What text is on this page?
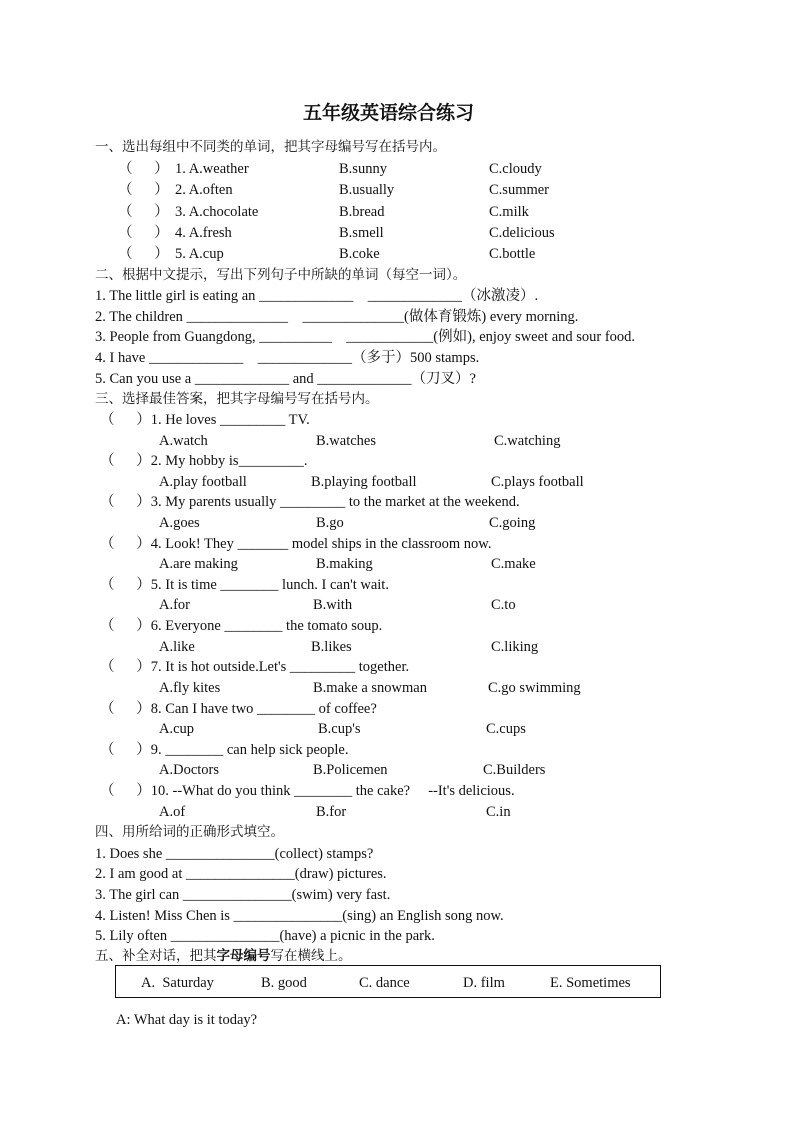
五年级英语综合练习
一、选出每组中不同类的单词，把其字母编号写在括号内。
（      ） 1. A.weather	B.sunny	C.cloudy
（      ） 2. A.often	B.usually	C.summer
（      ） 3. A.chocolate	B.bread	C.milk
（      ） 4. A.fresh	B.smell	C.delicious
（      ） 5. A.cup	B.coke	C.bottle
二、根据中文提示，写出下列句子中所缺的单词（每空一词）。
1. The little girl is eating an _____________    _____________（冰激凌）.
2. The children ______________    ______________(做体育锻炼) every morning.
3. People from Guangdong, __________    ____________(例如), enjoy sweet and sour food.
4. I have _____________    _____________（多于）500 stamps.
5. Can you use a _____________ and _____________（刀叉）?
三、选择最佳答案，把其字母编号写在括号内。
（      ）1. He loves _________ TV.
A.watch	B.watches	C.watching
（      ）2. My hobby is_________.
A.play football	B.playing football	C.plays football
（      ）3. My parents usually _________ to the market at the weekend.
A.goes	B.go	C.going
（      ）4. Look! They _______ model ships in the classroom now.
A.are making	B.making	C.make
（      ）5. It is time ________ lunch. I can't wait.
A.for	B.with	C.to
（      ）6. Everyone ________ the tomato soup.
A.like	B.likes	C.liking
（      ）7. It is hot outside.Let's _________ together.
A.fly kites	B.make a snowman	C.go swimming
（      ）8. Can I have two ________ of coffee?
A.cup	B.cup's	C.cups
（      ）9. ________ can help sick people.
A.Doctors	B.Policemen	C.Builders
（      ）10. --What do you think ________ the cake?     --It's delicious.
A.of	B.for	C.in
四、用所给词的正确形式填空。
1. Does she _______________(collect) stamps?
2. I am good at _______________(draw) pictures.
3. The girl can _______________(swim) very fast.
4. Listen! Miss Chen is _______________(sing) an English song now.
5. Lily often _______________(have) a picnic in the park.
五、补全对话，把其字母编号写在横线上。
A.  Saturday	B. good	C. dance	D. film	E. Sometimes
A: What day is it today?
